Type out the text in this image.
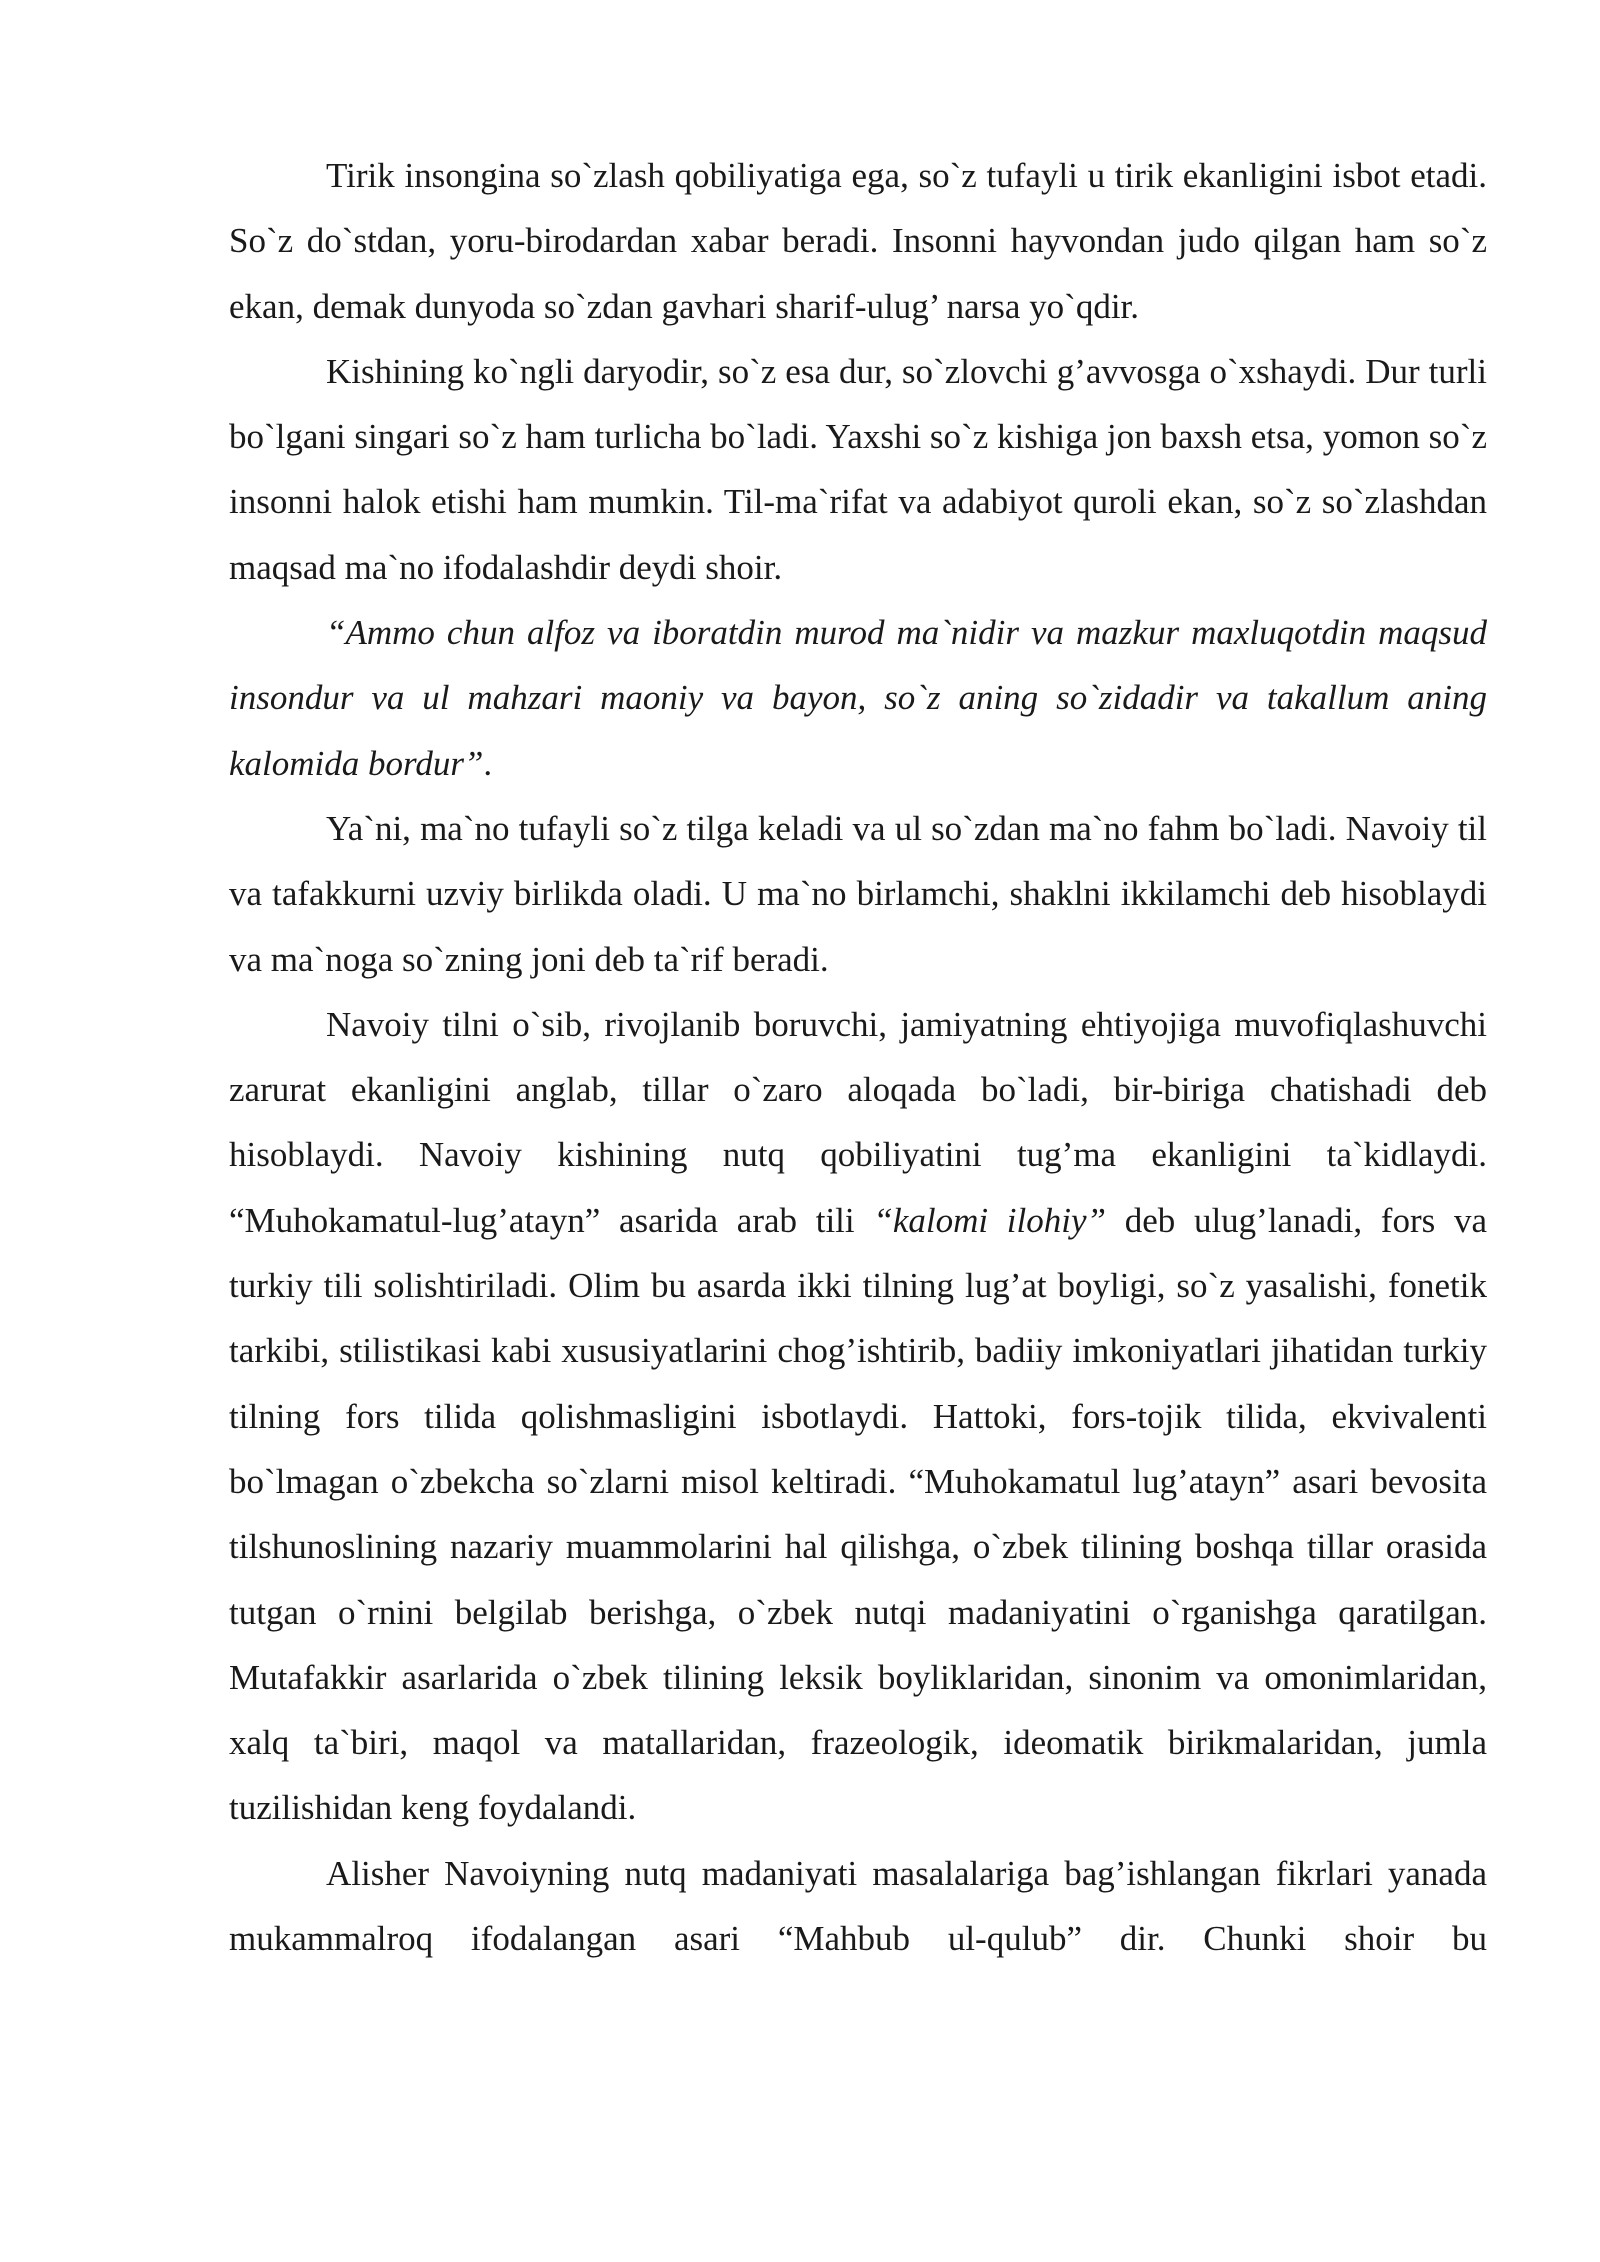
Tirik insongina so`zlash qobiliyatiga ega, so`z tufayli u tirik ekanligini isbot etadi. So`z do`stdan, yoru-birodardan xabar beradi. Insonni hayvondan judo qilgan ham so`z ekan, demak dunyoda so`zdan gavhari sharif-ulug’ narsa yo`qdir.

Kishining ko`ngli daryodir, so`z esa dur, so`zlovchi g’avvosga o`xshaydi. Dur turli bo`lgani singari so`z ham turlicha bo`ladi. Yaxshi so`z kishiga jon baxsh etsa, yomon so`z insonni halok etishi ham mumkin. Til-ma`rifat va adabiyot quroli ekan, so`z so`zlashdan maqsad ma`no ifodalashdir deydi shoir.

“Ammo chun alfoz va iboratdin murod ma`nidir va mazkur maxluqotdin maqsud insondur va ul mahzari maoniy va bayon, so`z aning so`zidadir va takallum aning kalomida bordur”.

Ya`ni, ma`no tufayli so`z tilga keladi va ul so`zdan ma`no fahm bo`ladi. Navoiy til va tafakkurni uzviy birlikda oladi. U ma`no birlamchi, shaklni ikkilamchi deb hisoblaydi va ma`noga so`zning joni deb ta`rif beradi.

Navoiy tilni o`sib, rivojlanib boruvchi, jamiyatning ehtiyojiga muvofiqlashuvchi zarurat ekanligini anglab, tillar o`zaro aloqada bo`ladi, bir-biriga chatishadi deb hisoblaydi. Navoiy kishining nutq qobiliyatini tug’ma ekanligini ta`kidlaydi. “Muhokamatul-lug’atayn” asarida arab tili “kalomi ilohiy” deb ulug’lanadi, fors va turkiy tili solishtiriladi. Olim bu asarda ikki tilning lug’at boyligi, so`z yasalishi, fonetik tarkibi, stilistikasi kabi xususiyatlarini chog’ishtirib, badiiy imkoniyatlari jihatidan turkiy tilning fors tilida qolishmasligini isbotlaydi. Hattoki, fors-tojik tilida, ekvivalenti bo`lmagan o`zbekcha so`zlarni misol keltiradi. “Muhokamatul lug’atayn” asari bevosita tilshunoslining nazariy muammolarini hal qilishga, o`zbek tilining boshqa tillar orasida tutgan o`rnini belgilab berishga, o`zbek nutqi madaniyatini o`rganishga qaratilgan. Mutafakkir asarlarida o`zbek tilining leksik boyliklaridan, sinonim va omonimlaridan, xalq ta`biri, maqol va matallaridan, frazeologik, ideomatik birikmalaridan, jumla tuzilishidan keng foydalandi.

Alisher Navoiyning nutq madaniyati masalalariga bag’ishlangan fikrlari yanada mukammalroq ifodalangan asari “Mahbub ul-qulub” dir. Chunki shoir bu
